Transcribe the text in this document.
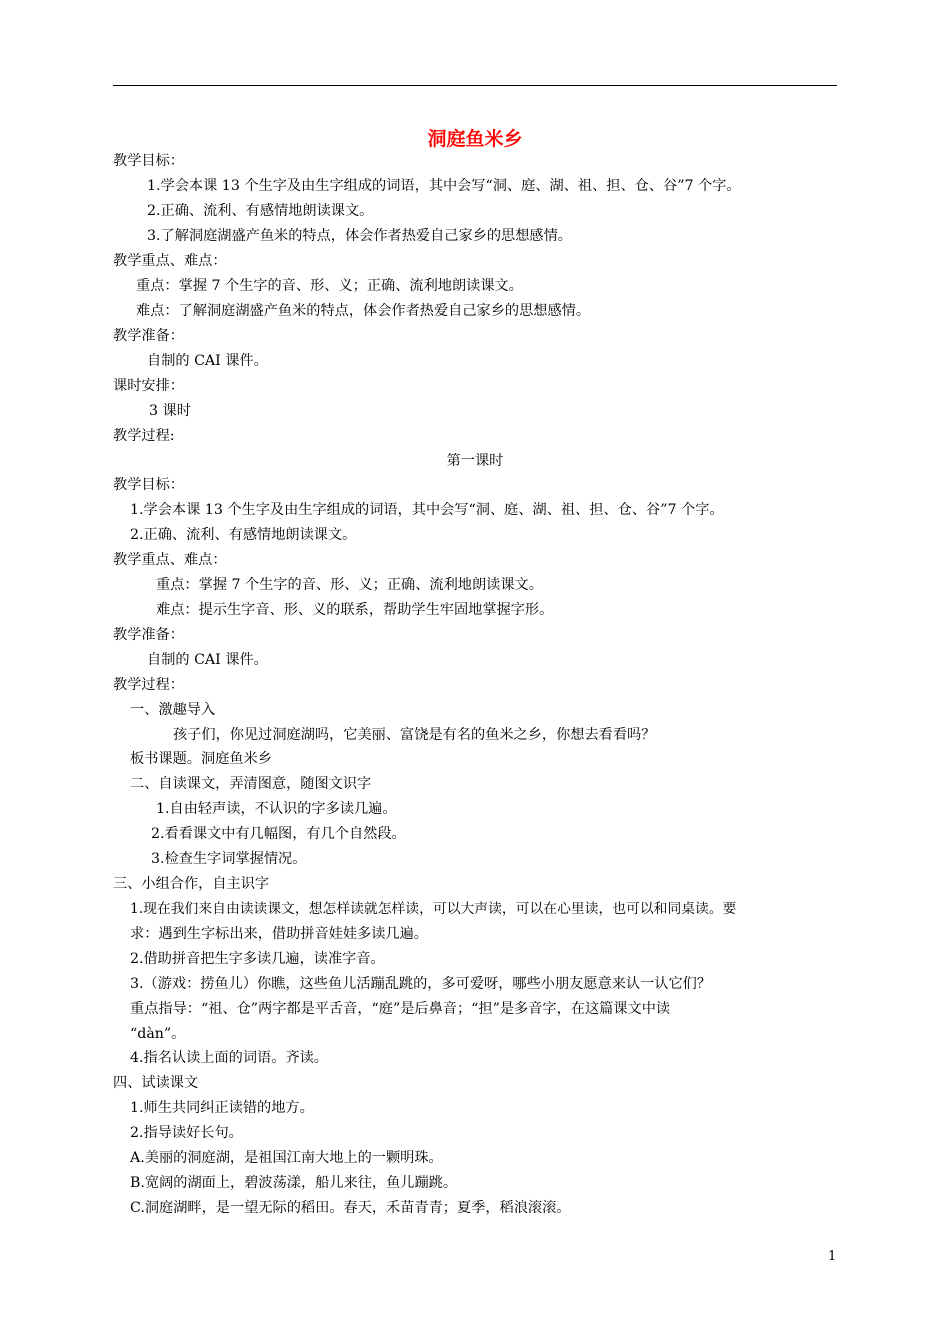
洞庭鱼米乡
教学目标：
1.学会本课 13 个生字及由生字组成的词语，其中会写“洞、庭、湖、祖、担、仓、谷”7 个字。
2.正确、流利、有感情地朗读课文。
3.了解洞庭湖盛产鱼米的特点，体会作者热爱自己家乡的思想感情。
教学重点、难点：
重点：掌握 7 个生字的音、形、义；正确、流利地朗读课文。
难点：了解洞庭湖盛产鱼米的特点，体会作者热爱自己家乡的思想感情。
教学准备：
自制的 CAI 课件。
课时安排：
3 课时
教学过程:
第一课时
教学目标：
1.学会本课 13 个生字及由生字组成的词语，其中会写“洞、庭、湖、祖、担、仓、谷”7 个字。
2.正确、流利、有感情地朗读课文。
教学重点、难点：
重点：掌握 7 个生字的音、形、义；正确、流利地朗读课文。
难点：提示生字音、形、义的联系，帮助学生牢固地掌握字形。
教学准备：
自制的 CAI 课件。
教学过程：
一、激趣导入
孩子们，你见过洞庭湖吗，它美丽、富饶是有名的鱼米之乡，你想去看看吗？
板书课题。洞庭鱼米乡
二、自读课文，弄清图意，随图文识字
1.自由轻声读，不认识的字多读几遍。
2.看看课文中有几幅图，有几个自然段。
3.检查生字词掌握情况。
三、小组合作，自主识字
1.现在我们来自由读读课文，想怎样读就怎样读，可以大声读，可以在心里读，也可以和同桌读。要
求：遇到生字标出来，借助拼音娃娃多读几遍。
2.借助拼音把生字多读几遍，读准字音。
3.（游戏：捞鱼儿）你瞧，这些鱼儿活蹦乱跳的，多可爱呀，哪些小朋友愿意来认一认它们？
重点指导：“祖、仓”两字都是平舌音，“庭”是后鼻音；“担”是多音字，在这篇课文中读
“dàn”。
4.指名认读上面的词语。齐读。
四、试读课文
1.师生共同纠正读错的地方。
2.指导读好长句。
A.美丽的洞庭湖，是祖国江南大地上的一颗明珠。
B.宽阔的湖面上，碧波荡漾，船儿来往，鱼儿蹦跳。
C.洞庭湖畔，是一望无际的稻田。春天，禾苗青青；夏季，稻浪滚滚。
1
